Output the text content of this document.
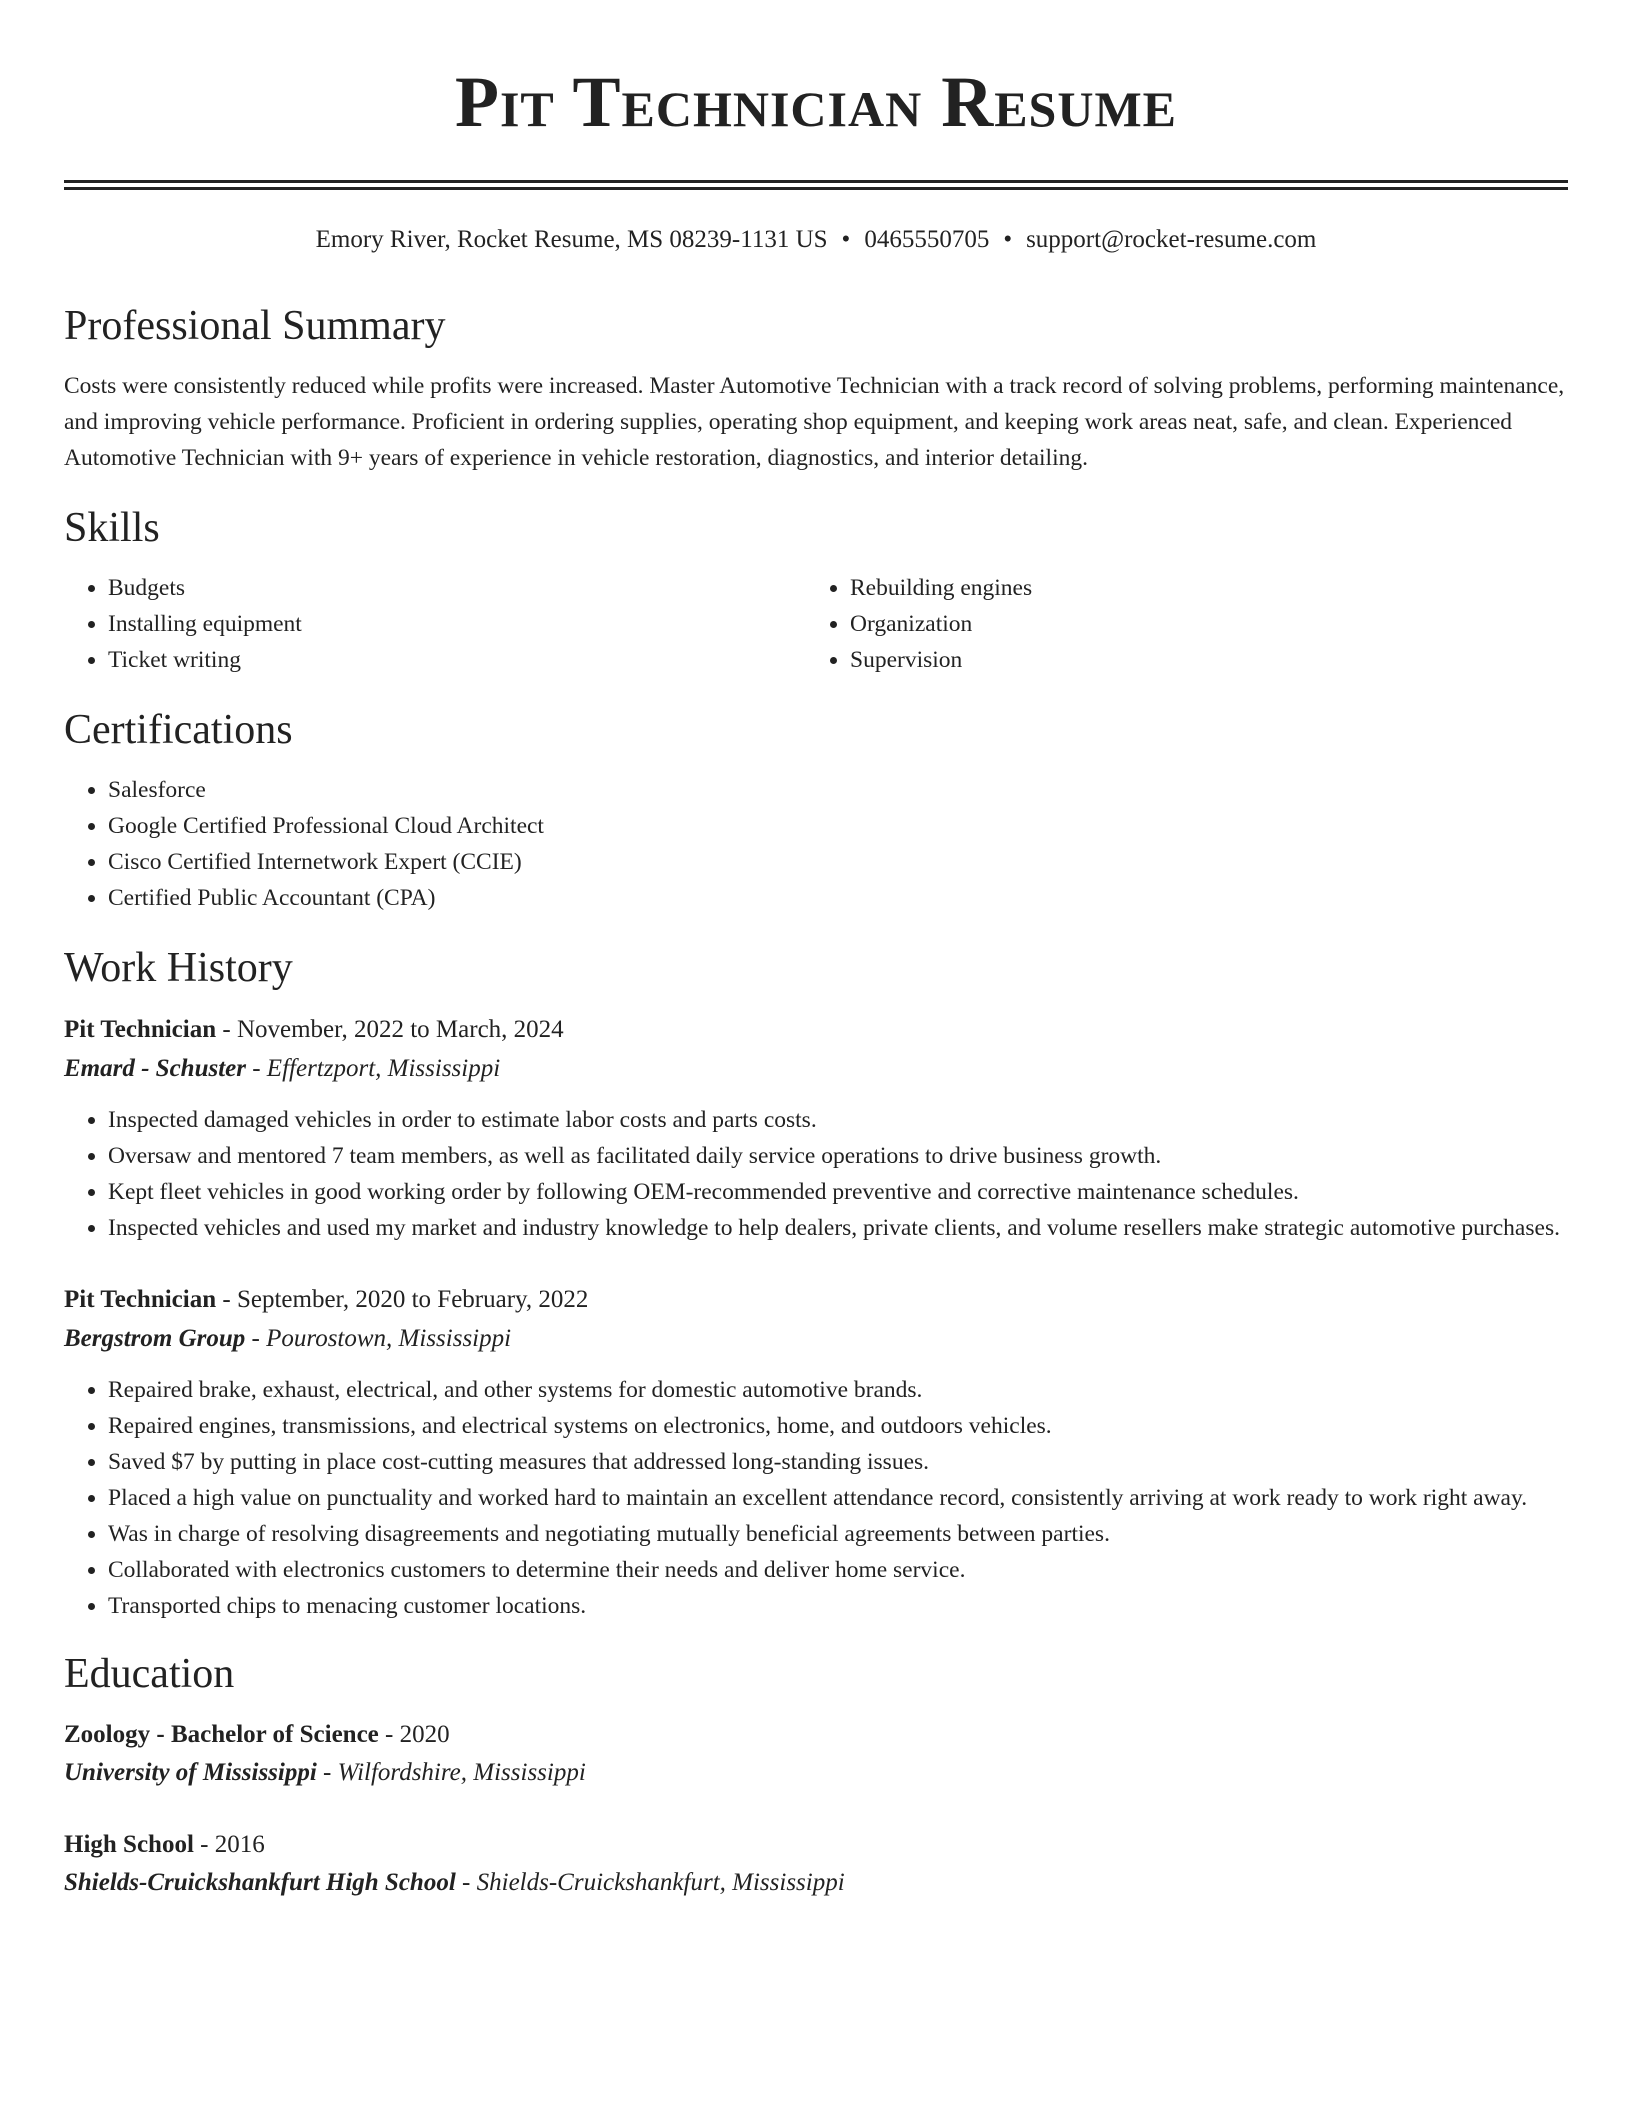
Pit Technician Resume
Emory River, Rocket Resume, MS 08239-1131 US • 0465550705 • support@rocket-resume.com
Professional Summary

Costs were consistently reduced while profits were increased. Master Automotive Technician with a track record of solving problems, performing maintenance, and improving vehicle performance. Proficient in ordering supplies, operating shop equipment, and keeping work areas neat, safe, and clean. Experienced Automotive Technician with 9+ years of experience in vehicle restoration, diagnostics, and interior detailing.

Skills
• Budgets
• Installing equipment
• Ticket writing
• Rebuilding engines
• Organization
• Supervision
Certifications
• Salesforce
• Google Certified Professional Cloud Architect
• Cisco Certified Internetwork Expert (CCIE)
• Certified Public Accountant (CPA)
Work History
Pit Technician - November, 2022 to March, 2024
Emard - Schuster - Effertzport, Mississippi
• Inspected damaged vehicles in order to estimate labor costs and parts costs.
• Oversaw and mentored 7 team members, as well as facilitated daily service operations to drive business growth.
• Kept fleet vehicles in good working order by following OEM-recommended preventive and corrective maintenance schedules.
• Inspected vehicles and used my market and industry knowledge to help dealers, private clients, and volume resellers make strategic automotive purchases.
Pit Technician - September, 2020 to February, 2022
Bergstrom Group - Pourostown, Mississippi
• Repaired brake, exhaust, electrical, and other systems for domestic automotive brands.
• Repaired engines, transmissions, and electrical systems on electronics, home, and outdoors vehicles.
• Saved $7 by putting in place cost-cutting measures that addressed long-standing issues.
• Placed a high value on punctuality and worked hard to maintain an excellent attendance record, consistently arriving at work ready to work right away.
• Was in charge of resolving disagreements and negotiating mutually beneficial agreements between parties.
• Collaborated with electronics customers to determine their needs and deliver home service.
• Transported chips to menacing customer locations.
Education
Zoology - Bachelor of Science - 2020
University of Mississippi - Wilfordshire, Mississippi
High School - 2016
Shields-Cruickshankfurt High School - Shields-Cruickshankfurt, Mississippi
